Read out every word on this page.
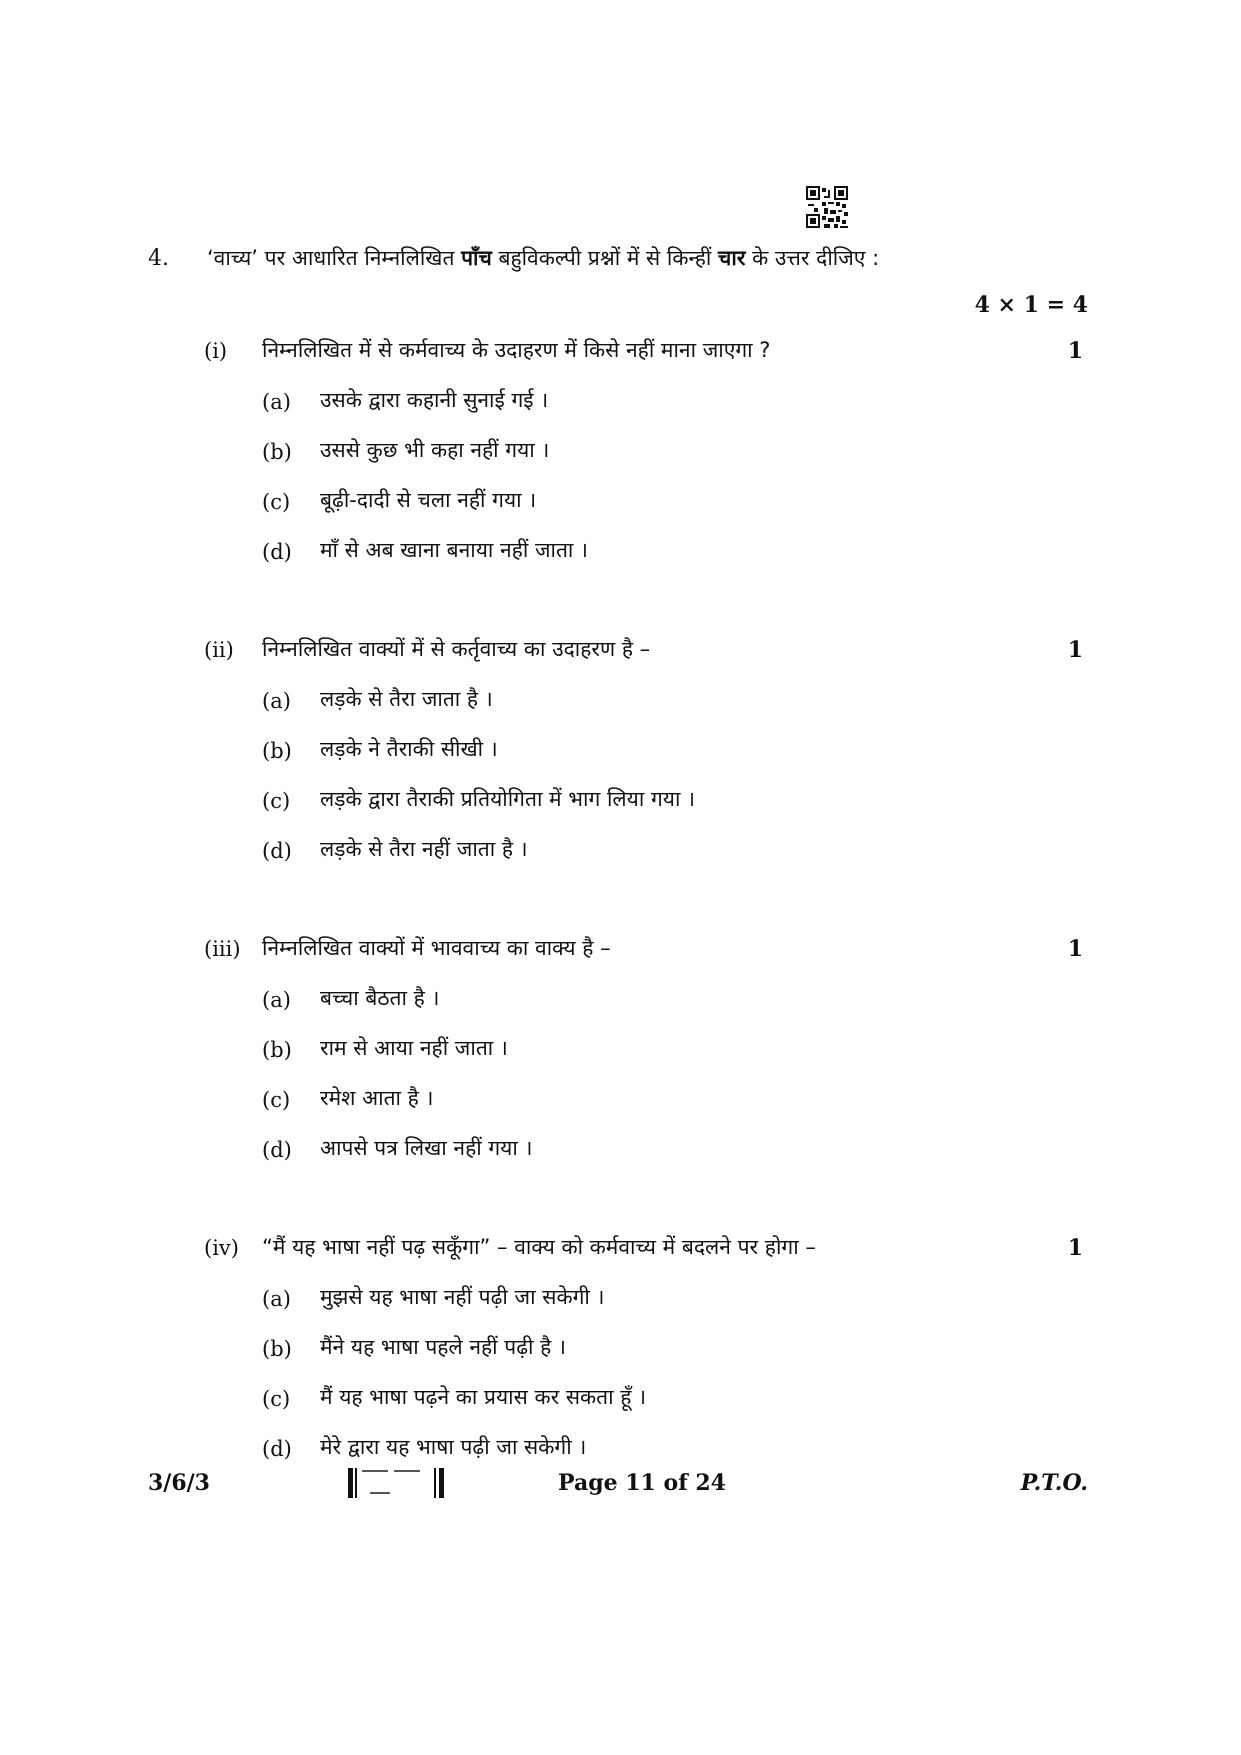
4. ‘वाच्य’ पर आधारित निम्नलिखित पाँच बहुविकल्पी प्रश्नों में से किन्हीं चार के उत्तर दीजिए :
4 × 1 = 4
(i) निम्नलिखित में से कर्मवाच्य के उदाहरण में किसे नहीं माना जाएगा ?	1
(a) उसके द्वारा कहानी सुनाई गई ।
(b) उससे कुछ भी कहा नहीं गया ।
(c) बूढ़ी-दादी से चला नहीं गया ।
(d) माँ से अब खाना बनाया नहीं जाता ।
(ii) निम्नलिखित वाक्यों में से कर्तृवाच्य का उदाहरण है –	1
(a) लड़के से तैरा जाता है ।
(b) लड़के ने तैराकी सीखी ।
(c) लड़के द्वारा तैराकी प्रतियोगिता में भाग लिया गया ।
(d) लड़के से तैरा नहीं जाता है ।
(iii) निम्नलिखित वाक्यों में भाववाच्य का वाक्य है –	1
(a) बच्चा बैठता है ।
(b) राम से आया नहीं जाता ।
(c) रमेश आता है ।
(d) आपसे पत्र लिखा नहीं गया ।
(iv) “मैं यह भाषा नहीं पढ़ सकूँगा” – वाक्य को कर्मवाच्य में बदलने पर होगा –	1
(a) मुझसे यह भाषा नहीं पढ़ी जा सकेगी ।
(b) मैंने यह भाषा पहले नहीं पढ़ी है ।
(c) मैं यह भाषा पढ़ने का प्रयास कर सकता हूँ ।
(d) मेरे द्वारा यह भाषा पढ़ी जा सकेगी ।
3/6/3	Page 11 of 24	P.T.O.
